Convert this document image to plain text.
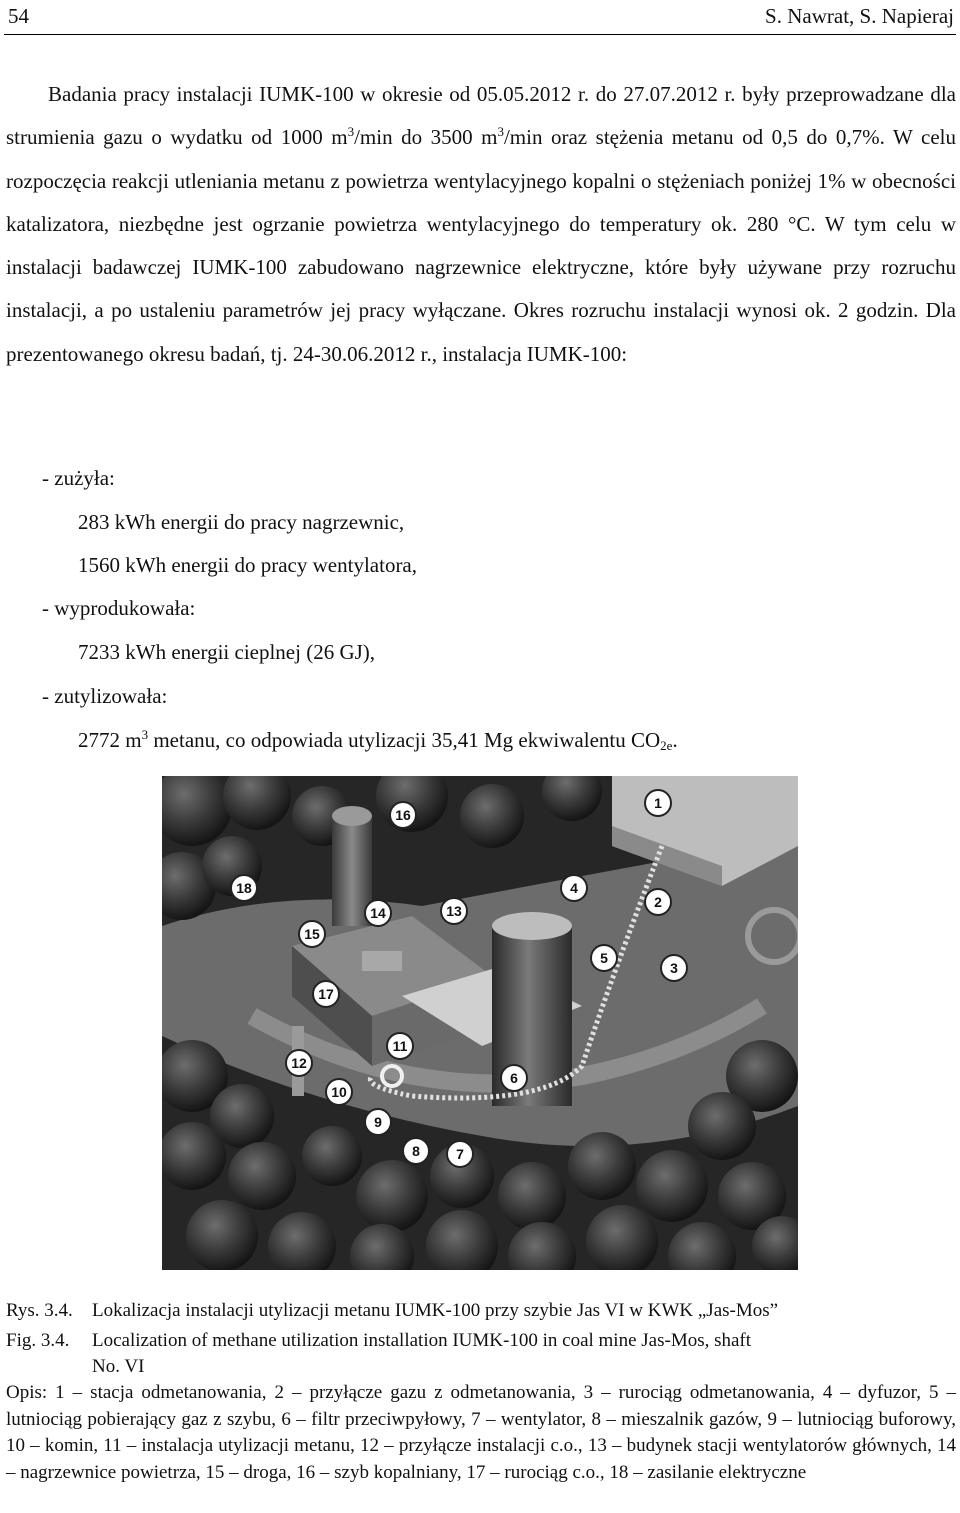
54	S. Nawrat, S. Napieraj

Badania pracy instalacji IUMK-100 w okresie od 05.05.2012 r. do 27.07.2012 r. były przeprowadzane dla strumienia gazu o wydatku od 1000 $m^3/\min$ do 3500 $m^3/\min$ oraz stężenia metanu od 0,5 do 0,7%. W celu rozpoczęcia reakcji utleniania metanu z powietrza wentylacyjnego kopalni o stężeniach poniżej 1% w obecności katalizatora, niezbędne jest ogrzanie powietrza wentylacyjnego do temperatury ok. 280 °C. W tym celu w instalacji badawczej IUMK-100 zabudowano nagrzewnice elektryczne, które były używane przy rozruchu instalacji, a po ustaleniu parametrów jej pracy wyłączane. Okres rozruchu instalacji wynosi ok. 2 godzin. Dla prezentowanego okresu badań, tj. 24-30.06.2012 r., instalacja IUMK-100:

- zużyła:
283 kWh energii do pracy nagrzewnic,
1560 kWh energii do pracy wentylatora,
- wyprodukowała:
7233 kWh energii cieplnej (26 GJ),
- zutylizowała:
2772 $m^3$ metanu, co odpowiada utylizacji 35,41 Mg ekwiwalentu $CO_{2e}$.
1
2
3
4
5
6
7
8
9
10
11
12
13
14
15
16
17
18
Rys. 3.4. Lokalizacja instalacji utylizacji metanu IUMK-100 przy szybie Jas VI w KWK „Jas-Mos”
Fig. 3.4. Localization of methane utilization installation IUMK-100 in coal mine Jas-Mos, shaft
No. VI
Opis: 1 – stacja odmetanowania, 2 – przyłącze gazu z odmetanowania, 3 – rurociąg odmetanowania, 4 – dyfuzor, 5 – lutniociąg pobierający gaz z szybu, 6 – filtr przeciwpyłowy, 7 – wentylator, 8 – mieszalnik gazów, 9 – lutniociąg buforowy, 10 – komin, 11 – instalacja utylizacji metanu, 12 – przyłącze instalacji c.o., 13 – budynek stacji wentylatorów głównych, 14 – nagrzewnice powietrza, 15 – droga, 16 – szyb kopalniany, 17 – rurociąg c.o., 18 – zasilanie elektryczne
